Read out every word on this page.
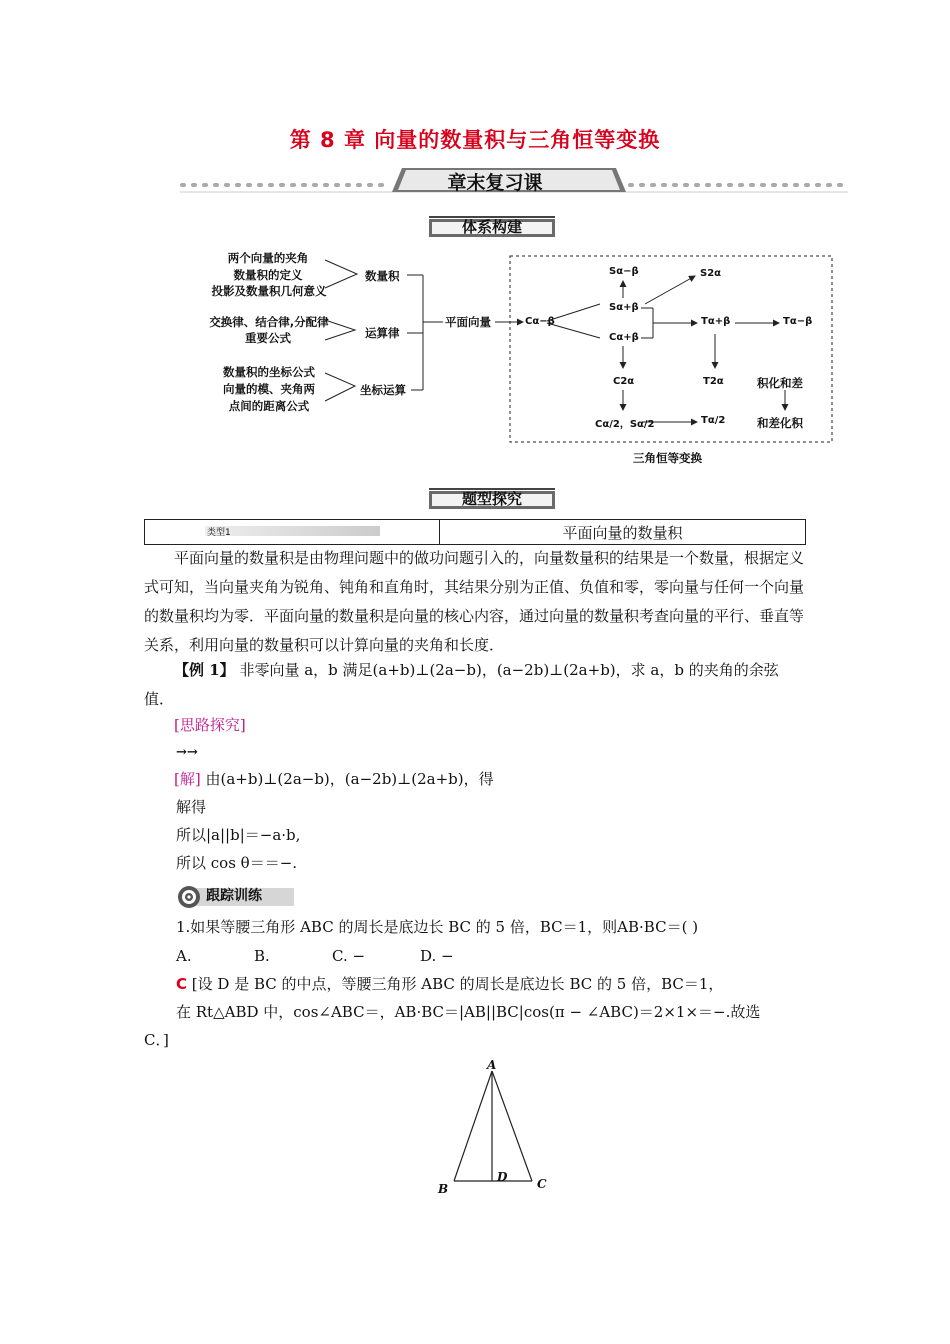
第 8 章 向量的数量积与三角恒等变换
章末复习课
体系构建
两个向量的夹角
数量积的定义
投影及数量积几何意义
交换律、结合律,分配律
重要公式
数量积的坐标公式
向量的模、夹角两
点间的距离公式
数量积
运算律
坐标运算
平面向量	Cα−β
Sα−β
Sα+β
Cα+β
S2α
Tα+β	Tα−β
C2α	T2α
Cα/2，Sα/2	Tα/2
积化和差
和差化积
三角恒等变换
题型探究
类型1	平面向量的数量积
平面向量的数量积是由物理问题中的做功问题引入的，向量数量积的结果是一个数量，根据定义式可知，当向量夹角为锐角、钝角和直角时，其结果分别为正值、负值和零，零向量与任何一个向量的数量积均为零．平面向量的数量积是向量的核心内容，通过向量的数量积考查向量的平行、垂直等关系，利用向量的数量积可以计算向量的夹角和长度．
【例 1】 非零向量 a，b 满足(a+b)⊥(2a−b)，(a−2b)⊥(2a+b)，求 a，b 的夹角的余弦值．
[思路探究]
→→
[解] 由(a+b)⊥(2a−b)，(a−2b)⊥(2a+b)，得
解得
所以|a||b|＝−a·b,
所以 cos θ＝＝−.
跟踪训练
1.如果等腰三角形 ABC 的周长是底边长 BC 的 5 倍，BC＝1，则AB·BC＝( )
A.	B.	C. −	D. −
C [设 D 是 BC 的中点，等腰三角形 ABC 的周长是底边长 BC 的 5 倍，BC＝1，
在 Rt△ABD 中，cos∠ABC＝，AB·BC＝|AB||BC|cos(π − ∠ABC)＝2×1×＝−.故选
C．]
A
B	C
D
